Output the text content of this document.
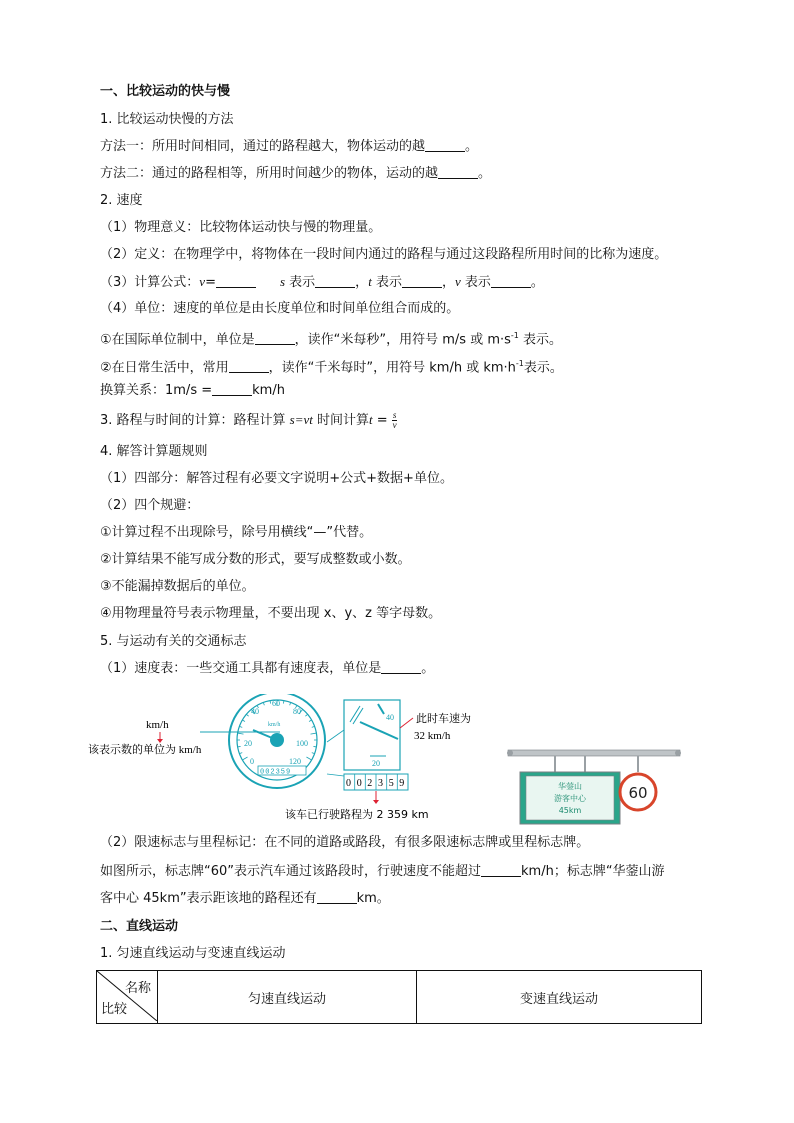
一、比较运动的快与慢
1. 比较运动快慢的方法
方法一：所用时间相同，通过的路程越大，物体运动的越	。
方法二：通过的路程相等，所用时间越少的物体，运动的越	。
2. 速度
（1）物理意义：比较物体运动快与慢的物理量。
（2）定义：在物理学中，将物体在一段时间内通过的路程与通过这段路程所用时间的比称为速度。
（3）计算公式：v=	s 表示	，t 表示	，v 表示	。
（4）单位：速度的单位是由长度单位和时间单位组合而成的。
①在国际单位制中，单位是	，读作“米每秒”，用符号 m/s 或 $m\cdot s^{-1}$ 表示。
②在日常生活中，常用	，读作“千米每时”，用符号 km/h 或 $km\cdot h^{-1}$表示。
换算关系：1m/s =	km/h
3. 路程与时间的计算：路程计算 s=vt 时间计算$t = \frac{s}{v}$
4. 解答计算题规则
（1）四部分：解答过程有必要文字说明+公式+数据+单位。
（2）四个规避：
①计算过程不出现除号，除号用横线“—”代替。
②计算结果不能写成分数的形式，要写成整数或小数。
③不能漏掉数据后的单位。
④用物理量符号表示物理量，不要出现 x、y、z 等字母数。
5. 与运动有关的交通标志
（1）速度表：一些交通工具都有速度表，单位是	。
km/h
该表示数的单位为 km/h
60
40	80
20	100
0	120
km/h
002359
40
20
此时车速为
32 km/h
0 0 2 3 5 9
该车已行驶路程为 2 359 km
华蓥山
游客中心
45km
60
（2）限速标志与里程标记：在不同的道路或路段，有很多限速标志牌或里程标志牌。
如图所示，标志牌“60”表示汽车通过该路段时，行驶速度不能超过	km/h；标志牌“华蓥山游
客中心 45km”表示距该地的路程还有	km。
二、直线运动
1. 匀速直线运动与变速直线运动
名称
比较
	匀速直线运动	变速直线运动
